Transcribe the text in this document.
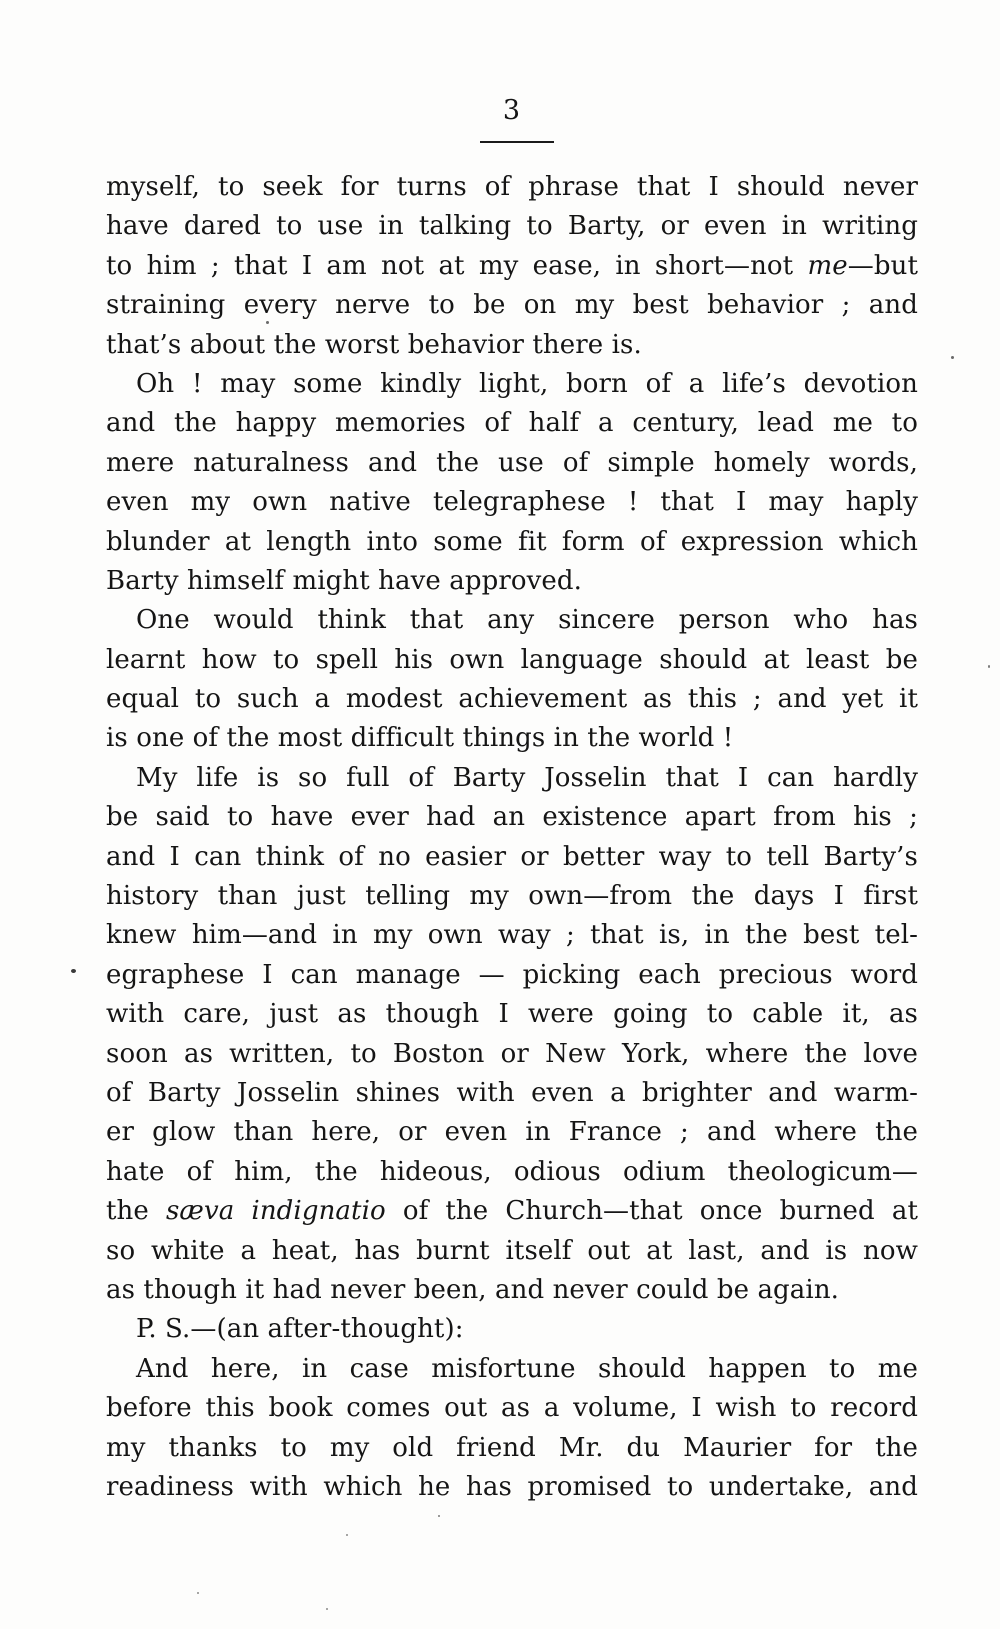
3
myself, to seek for turns of phrase that I should never
have dared to use in talking to Barty, or even in writing
to him ; that I am not at my ease, in short—not me—but
straining every nerve to be on my best behavior ; and
that’s about the worst behavior there is.
Oh ! may some kindly light, born of a life’s devotion
and the happy memories of half a century, lead me to
mere naturalness and the use of simple homely words,
even my own native telegraphese ! that I may haply
blunder at length into some fit form of expression which
Barty himself might have approved.
One would think that any sincere person who has
learnt how to spell his own language should at least be
equal to such a modest achievement as this ; and yet it
is one of the most difficult things in the world !
My life is so full of Barty Josselin that I can hardly
be said to have ever had an existence apart from his ;
and I can think of no easier or better way to tell Barty’s
history than just telling my own—from the days I first
knew him—and in my own way ; that is, in the best tel-
egraphese I can manage — picking each precious word
with care, just as though I were going to cable it, as
soon as written, to Boston or New York, where the love
of Barty Josselin shines with even a brighter and warm-
er glow than here, or even in France ; and where the
hate of him, the hideous, odious odium theologicum—
the sæva indignatio of the Church—that once burned at
so white a heat, has burnt itself out at last, and is now
as though it had never been, and never could be again.
P. S.—(an after-thought):
And here, in case misfortune should happen to me
before this book comes out as a volume, I wish to record
my thanks to my old friend Mr. du Maurier for the
readiness with which he has promised to undertake, and
